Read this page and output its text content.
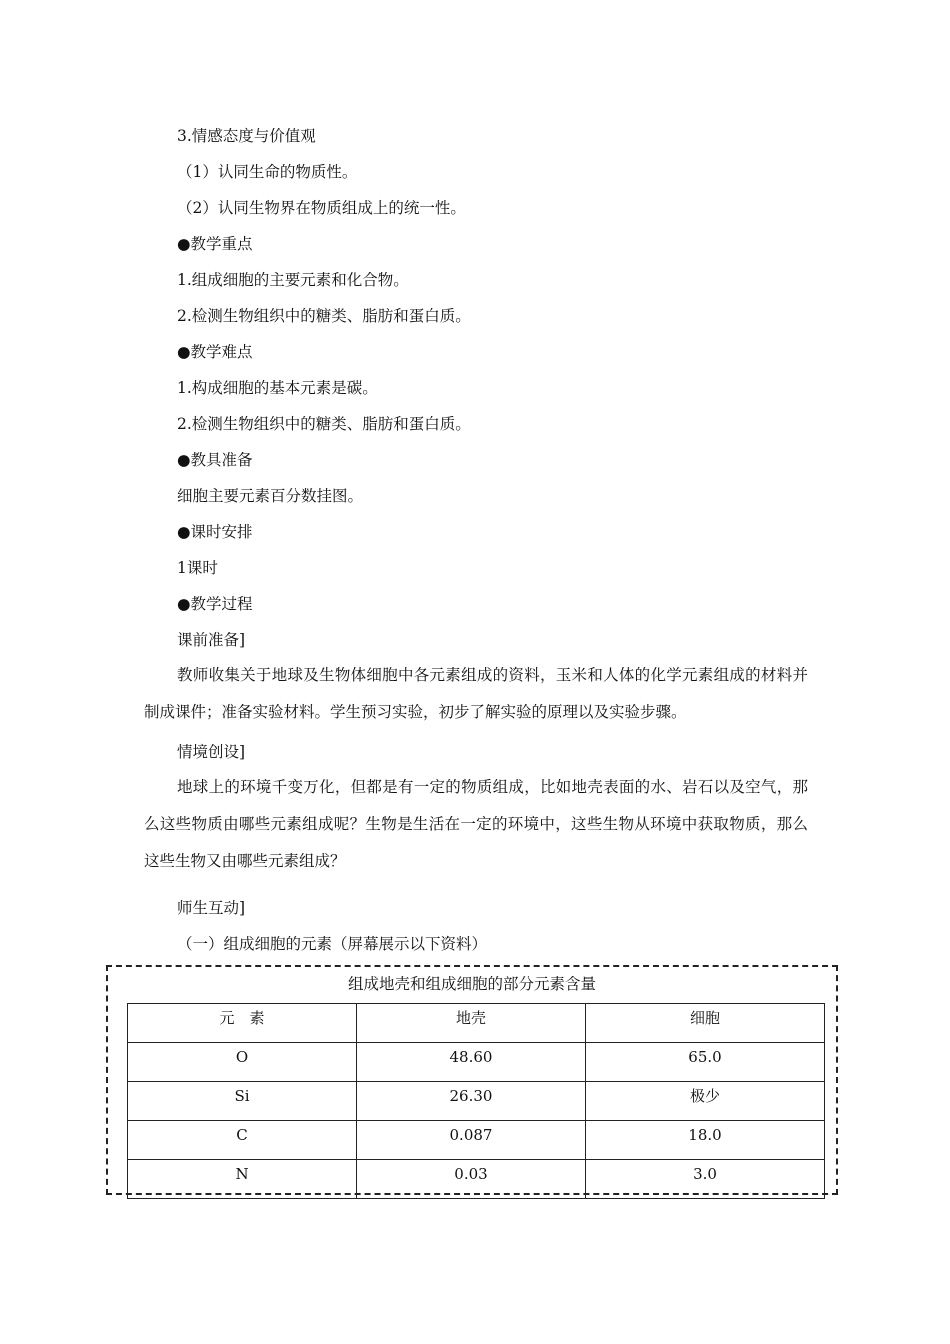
3.情感态度与价值观
（1）认同生命的物质性。
（2）认同生物界在物质组成上的统一性。
●教学重点
1.组成细胞的主要元素和化合物。
2.检测生物组织中的糖类、脂肪和蛋白质。
●教学难点
1.构成细胞的基本元素是碳。
2.检测生物组织中的糖类、脂肪和蛋白质。
●教具准备
细胞主要元素百分数挂图。
●课时安排
1课时
●教学过程
课前准备]
教师收集关于地球及生物体细胞中各元素组成的资料，玉米和人体的化学元素组成的材料并制成课件；准备实验材料。学生预习实验，初步了解实验的原理以及实验步骤。
情境创设]
地球上的环境千变万化，但都是有一定的物质组成，比如地壳表面的水、岩石以及空气，那么这些物质由哪些元素组成呢？生物是生活在一定的环境中，这些生物从环境中获取物质，那么这些生物又由哪些元素组成？
师生互动]
（一）组成细胞的元素（屏幕展示以下资料）
组成地壳和组成细胞的部分元素含量
元　素	地壳	细胞
O	48.60	65.0
Si	26.30	极少
C	0.087	18.0
N	0.03	3.0
